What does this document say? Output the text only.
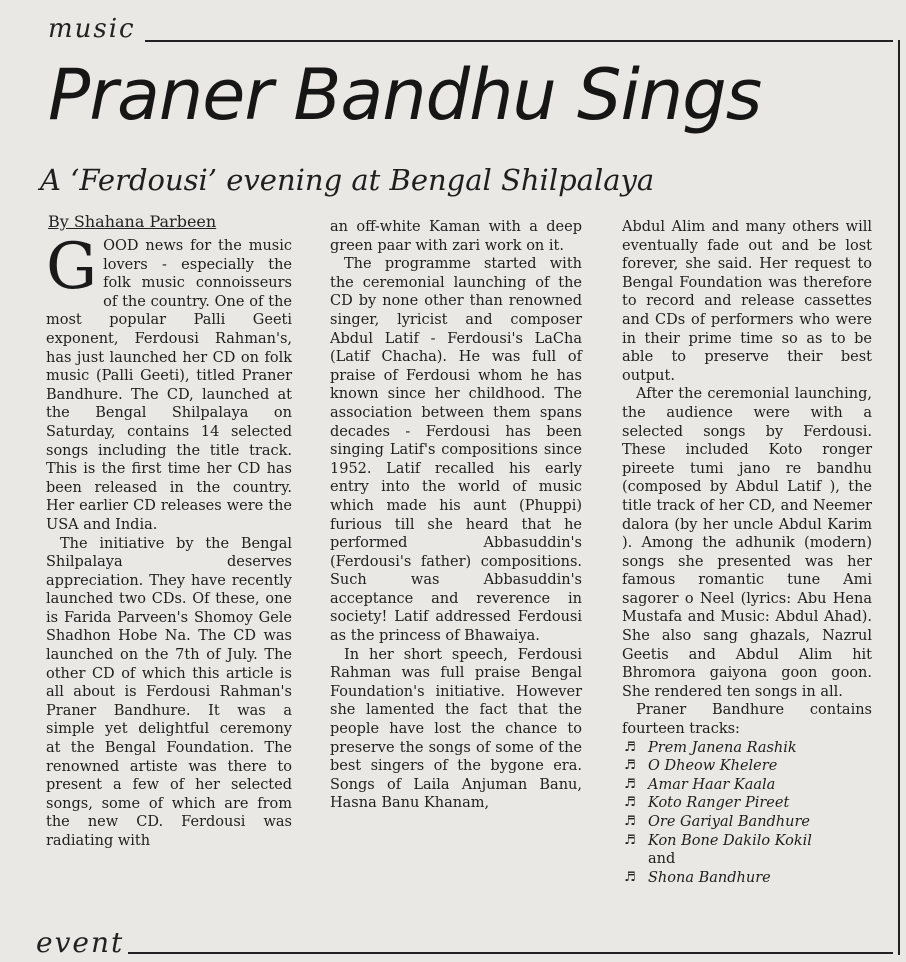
music
Praner Bandhu Sings
A ‘Ferdousi’ evening at Bengal Shilpalaya
By Shahana Parbeen

GOOD news for the music lovers - especially the folk music connoisseurs of the country. One of the most popular Palli Geeti exponent, Ferdousi Rahman's, has just launched her CD on folk music (Palli Geeti), titled Praner Bandhure. The CD, launched at the Bengal Shilpalaya on Saturday, contains 14 selected songs including the title track. This is the first time her CD has been released in the country. Her earlier CD releases were the USA and India.

The initiative by the Bengal Shilpalaya deserves appreciation. They have recently launched two CDs. Of these, one is Farida Parveen's Shomoy Gele Shadhon Hobe Na. The CD was launched on the 7th of July. The other CD of which this article is all about is Ferdousi Rahman's Praner Bandhure. It was a simple yet delightful ceremony at the Bengal Foundation. The renowned artiste was there to present a few of her selected songs, some of which are from the new CD. Ferdousi was radiating with

an off-white Kaman with a deep green paar with zari work on it.

The programme started with the ceremonial launching of the CD by none other than renowned singer, lyricist and composer Abdul Latif - Ferdousi's LaCha (Latif Chacha). He was full of praise of Ferdousi whom he has known since her childhood. The association between them spans decades - Ferdousi has been singing Latif's compositions since 1952. Latif recalled his early entry into the world of music which made his aunt (Phuppi) furious till she heard that he performed Abbasuddin's (Ferdousi's father) compositions. Such was Abbasuddin's acceptance and reverence in society! Latif addressed Ferdousi as the princess of Bhawaiya.

In her short speech, Ferdousi Rahman was full praise Bengal Foundation's initiative. However she lamented the fact that the people have lost the chance to preserve the songs of some of the best singers of the bygone era. Songs of Laila Anjuman Banu, Hasna Banu Khanam,

Abdul Alim and many others will eventually fade out and be lost forever, she said. Her request to Bengal Foundation was therefore to record and release cassettes and CDs of performers who were in their prime time so as to be able to preserve their best output.

After the ceremonial launching, the audience were with a selected songs by Ferdousi. These included Koto ronger pireete tumi jano re bandhu (composed by Abdul Latif ), the title track of her CD, and Neemer dalora (by her uncle Abdul Karim ). Among the adhunik (modern) songs she presented was her famous romantic tune Ami sagorer o Neel (lyrics: Abu Hena Mustafa and Music: Abdul Ahad). She also sang ghazals, Nazrul Geetis and Abdul Alim hit Bhromora gaiyona goon goon. She rendered ten songs in all.

Praner Bandhure contains fourteen tracks:

♬ Prem Janena Rashik
♬ O Dheow Khelere
♬ Amar Haar Kaala
♬ Koto Ranger Pireet
♬ Ore Gariyal Bandhure
♬ Kon Bone Dakilo Kokil
and
♬ Shona Bandhure
event
